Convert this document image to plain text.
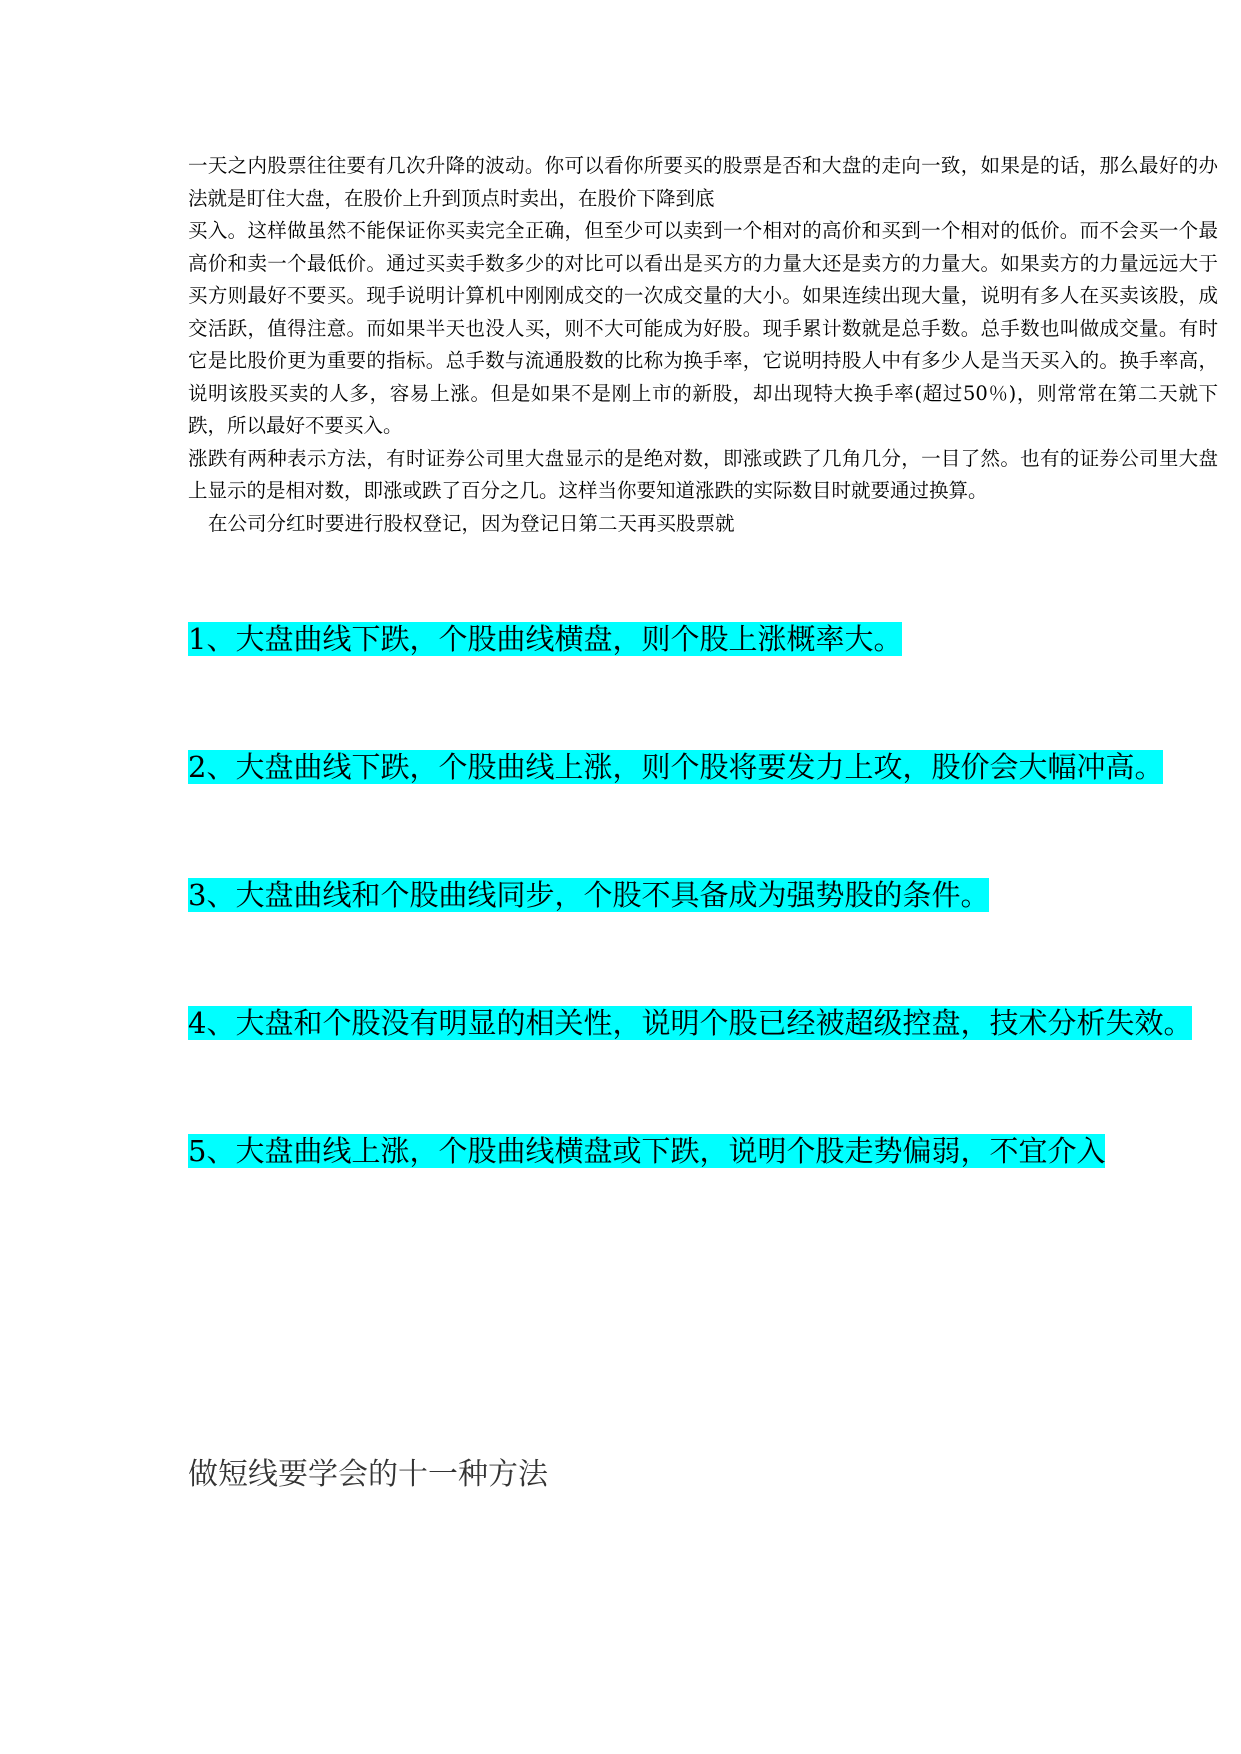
一天之内股票往往要有几次升降的波动。你可以看你所要买的股票是否和大盘的走向一致，如果是的话，那么最好的办法就是盯住大盘，在股价上升到顶点时卖出，在股价下降到底

买入。这样做虽然不能保证你买卖完全正确，但至少可以卖到一个相对的高价和买到一个相对的低价。而不会买一个最高价和卖一个最低价。通过买卖手数多少的对比可以看出是买方的力量大还是卖方的力量大。如果卖方的力量远远大于买方则最好不要买。现手说明计算机中刚刚成交的一次成交量的大小。如果连续出现大量，说明有多人在买卖该股，成交活跃，值得注意。而如果半天也没人买，则不大可能成为好股。现手累计数就是总手数。总手数也叫做成交量。有时它是比股价更为重要的指标。总手数与流通股数的比称为换手率，它说明持股人中有多少人是当天买入的。换手率高，说明该股买卖的人多，容易上涨。但是如果不是刚上市的新股，却出现特大换手率(超过50％)，则常常在第二天就下跌，所以最好不要买入。

涨跌有两种表示方法，有时证券公司里大盘显示的是绝对数，即涨或跌了几角几分，一目了然。也有的证券公司里大盘上显示的是相对数，即涨或跌了百分之几。这样当你要知道涨跌的实际数目时就要通过换算。

在公司分红时要进行股权登记，因为登记日第二天再买股票就

1、大盘曲线下跌，个股曲线横盘，则个股上涨概率大。
2、大盘曲线下跌，个股曲线上涨，则个股将要发力上攻，股价会大幅冲高。
3、大盘曲线和个股曲线同步，个股不具备成为强势股的条件。
4、大盘和个股没有明显的相关性，说明个股已经被超级控盘，技术分析失效。
5、大盘曲线上涨，个股曲线横盘或下跌，说明个股走势偏弱，不宜介入
做短线要学会的十一种方法
